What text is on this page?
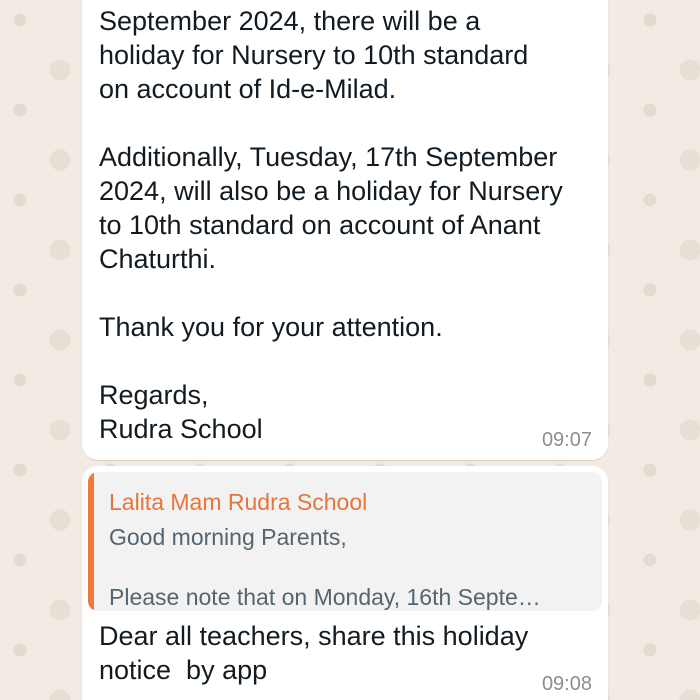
September 2024, there will be a
holiday for Nursery to 10th standard
on account of Id-e-Milad.

Additionally, Tuesday, 17th September
2024, will also be a holiday for Nursery
to 10th standard on account of Anant
Chaturthi.

Thank you for your attention.

Regards,
Rudra School	09:07
Lalita Mam Rudra School

Good morning Parents,

Please note that on Monday, 16th Septe…

Dear all teachers, share this holiday
notice  by app	09:08
